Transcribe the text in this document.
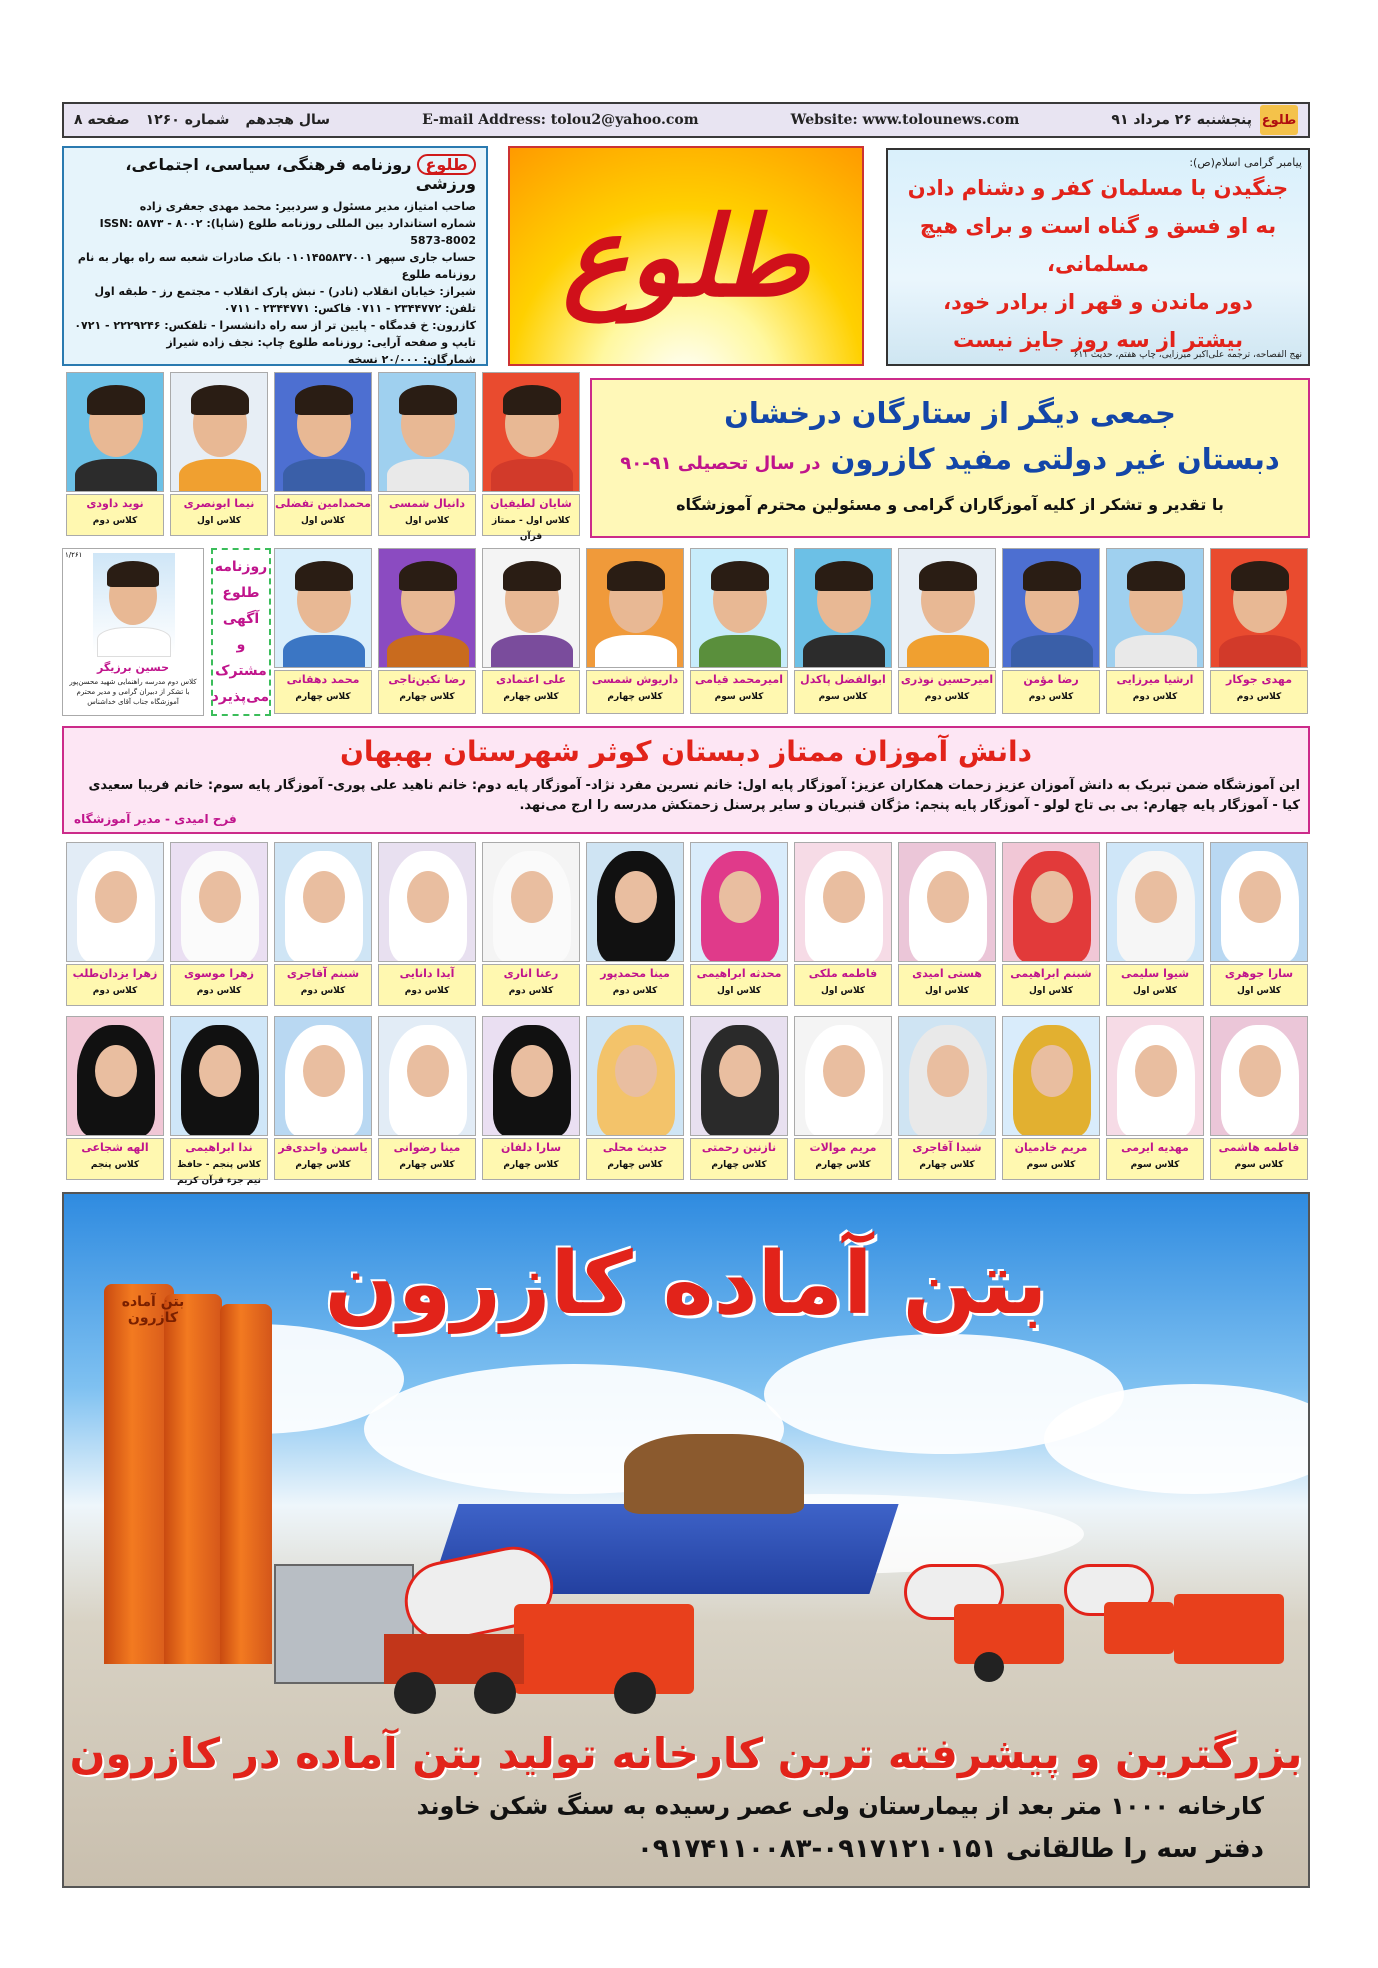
طلوع
پنجشنبه ۲۶ مرداد ۹۱
Website: www.tolounews.com
E-mail Address: tolou2@yahoo.com
سال هجدهم
شماره ۱۲۶۰
صفحه ۸
پیامبر گرامی اسلام(ص):
جنگیدن با مسلمان کفر و دشنام دادن
به او فسق و گناه است و برای هیچ مسلمانی،
دور ماندن و قهر از برادر خود،
بیشتر از سه روز جایز نیست
نهج الفصاحه، ترجمه علی‌اکبر میرزایی، چاپ هفتم، حدیث ۶۱۱
طلوع
طلوعروزنامه فرهنگی، سیاسی، اجتماعی، ورزشی
صاحب امتیاز، مدیر مسئول و سردبیر: محمد مهدی جعفری زاده
شماره استاندارد بین المللی روزنامه طلوع (شاپا): ۸۰۰۲ - ۵۸۷۳ ISSN: 5873-8002
حساب جاری سپهر ۰۱۰۱۴۵۵۸۳۷۰۰۱ بانک صادرات شعبه سه راه بهار به نام روزنامه طلوع
شیراز: خیابان انقلاب (نادر) - نبش پارک انقلاب - مجتمع رز - طبقه اول
تلفن: ۲۳۴۴۷۷۲ - ۰۷۱۱ فاکس: ۲۳۴۴۷۷۱ - ۰۷۱۱
کازرون: خ قدمگاه - پایین تر از سه راه دانشسرا - تلفکس: ۲۲۲۹۲۴۶ - ۰۷۲۱
تایپ و صفحه آرایی: روزنامه طلوع چاپ: نجف زاده شیراز
شمارگان: ۲۰/۰۰۰ نسخه
جمعی دیگر از ستارگان درخشان
دبستان غیر دولتی مفید کازرون در سال تحصیلی ۹۱-۹۰
با تقدیر و تشکر از کلیه آموزگاران گرامی و مسئولین محترم آموزشگاه
شایان لطیفیان
کلاس اول - ممتاز قرآن
دانیال شمسی
کلاس اول
محمدامین تفضلی
کلاس اول
نیما ابونصری
کلاس اول
نوید داودی
کلاس دوم
مهدی جوکار
کلاس دوم
ارشیا میرزایی
کلاس دوم
رضا مؤمن
کلاس دوم
امیرحسین نوذری
کلاس دوم
ابوالفضل پاکدل
کلاس سوم
امیرمحمد قیامی
کلاس سوم
داریوش شمسی
کلاس چهارم
علی اعتمادی
کلاس چهارم
رضا تکین‌تاجی
کلاس چهارم
محمد دهقانی
کلاس چهارم
سارا جوهری
کلاس اول
شیوا سلیمی
کلاس اول
شبنم ابراهیمی
کلاس اول
هستی امیدی
کلاس اول
فاطمه ملکی
کلاس اول
محدثه ابراهیمی
کلاس اول
مینا محمدپور
کلاس دوم
رعنا اناری
کلاس دوم
آیدا دانایی
کلاس دوم
شبنم آقاجری
کلاس دوم
زهرا موسوی
کلاس دوم
زهرا یزدان‌طلب
کلاس دوم
فاطمه هاشمی
کلاس سوم
مهدیه ایرمی
کلاس سوم
مریم خادمیان
کلاس سوم
شیدا آقاجری
کلاس چهارم
مریم موالات
کلاس چهارم
نازنین رحمتی
کلاس چهارم
حدیث محلی
کلاس چهارم
سارا دلفان
کلاس چهارم
مینا رضوانی
کلاس چهارم
یاسمن واحدی‌فر
کلاس چهارم
ندا ابراهیمی
کلاس پنجم - حافظ نیم جزء قرآن کریم
الهه شجاعی
کلاس پنجم
روزنامه
طلوع
آگهی
و
مشترک
می‌پذیرد
۱/۲۶۱
حسین برزیگر
کلاس دوم مدرسه راهنمایی شهید محسن‌پور با تشکر از دبیران گرامی و مدیر محترم آموزشگاه جناب آقای خداشناس
دانش آموزان ممتاز دبستان کوثر شهرستان بهبهان
این آموزشگاه ضمن تبریک به دانش آموزان عزیز زحمات همکاران عزیز: آموزگار پایه اول: خانم نسرین مفرد نژاد- آموزگار پایه دوم: خانم ناهید علی پوری- آموزگار پایه سوم: خانم فریبا سعیدی
کیا - آموزگار پایه چهارم: بی بی تاج لولو - آموزگار پایه پنجم: مژگان قنبریان و سایر پرسنل زحمتکش مدرسه را ارج می‌نهد.
فرح امیدی - مدیر آموزشگاه
بتن آماده کازرون
بتن آماده کازرون
بزرگترین و پیشرفته ترین کارخانه تولید بتن آماده در کازرون
کارخانه ۱۰۰۰ متر بعد از بیمارستان ولی عصر رسیده به سنگ شکن خاوند
دفتر سه را طالقانی ۰۹۱۷۱۲۱۰۱۵۱-۰۹۱۷۴۱۱۰۰۸۳
